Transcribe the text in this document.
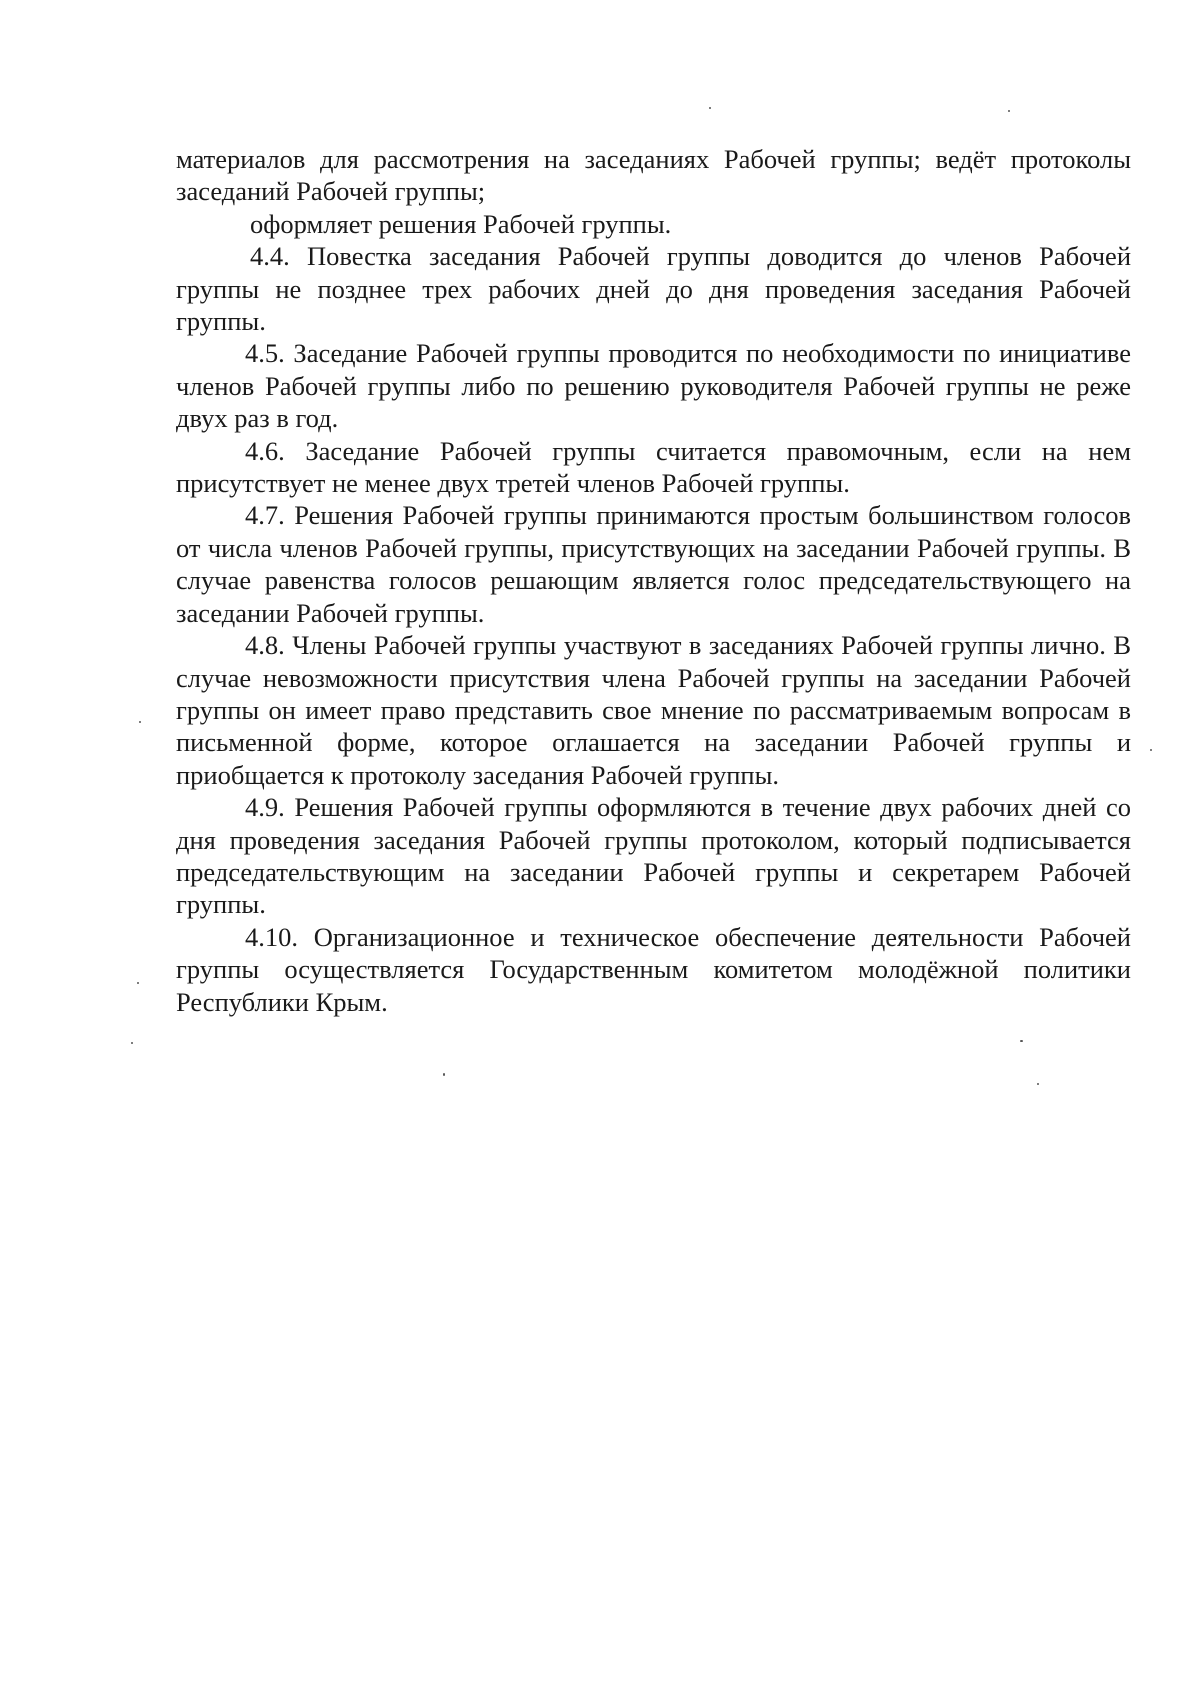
материалов для рассмотрения на заседаниях Рабочей группы; ведёт протоколы заседаний Рабочей группы;

оформляет решения Рабочей группы.

4.4. Повестка заседания Рабочей группы доводится до членов Рабочей группы не позднее трех рабочих дней до дня проведения заседания Рабочей группы.

4.5. Заседание Рабочей группы проводится по необходимости по инициативе членов Рабочей группы либо по решению руководителя Рабочей группы не реже двух раз в год.

4.6. Заседание Рабочей группы считается правомочным, если на нем присутствует не менее двух третей членов Рабочей группы.

4.7. Решения Рабочей группы принимаются простым большинством голосов от числа членов Рабочей группы, присутствующих на заседании Рабочей группы. В случае равенства голосов решающим является голос председательствующего на заседании Рабочей группы.

4.8. Члены Рабочей группы участвуют в заседаниях Рабочей группы лично. В случае невозможности присутствия члена Рабочей группы на заседании Рабочей группы он имеет право представить свое мнение по рассматриваемым вопросам в письменной форме, которое оглашается на заседании Рабочей группы и приобщается к протоколу заседания Рабочей группы.

4.9. Решения Рабочей группы оформляются в течение двух рабочих дней со дня проведения заседания Рабочей группы протоколом, который подписывается председательствующим на заседании Рабочей группы и секретарем Рабочей группы.

4.10. Организационное и техническое обеспечение деятельности Рабочей группы осуществляется Государственным комитетом молодёжной политики Республики Крым.
